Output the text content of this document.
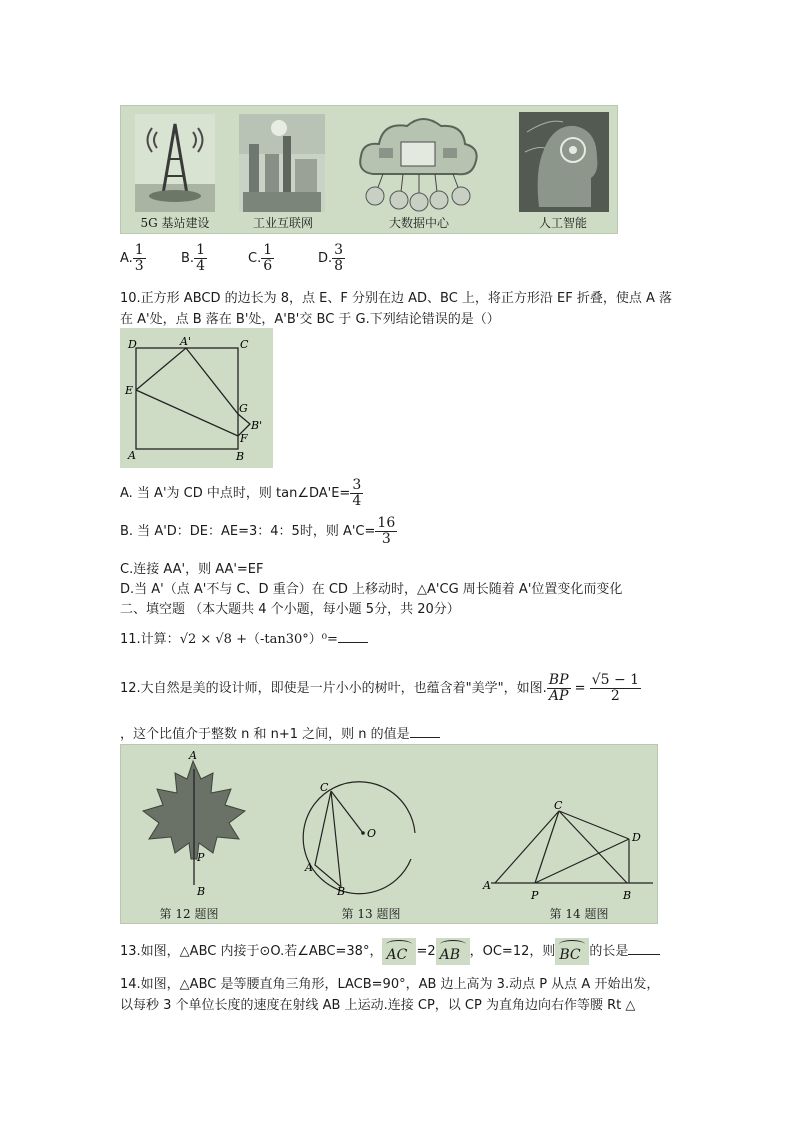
5G 基站建设	工业互联网	大数据中心	人工智能
A. $\frac{1}{3}$	B. $\frac{1}{4}$	C. $\frac{1}{6}$	D. $\frac{3}{8}$
10.正方形 ABCD 的边长为 8，点 E、F 分别在边 AD、BC 上，将正方形沿 EF 折叠，使点 A 落
在 A'处，点 B 落在 B'处，A'B'交 BC 于 G.下列结论错误的是（）
D	A'	C
E
G
B'
F
A	B
A. 当 A'为 CD 中点时，则 tan∠DA'E= $\frac{3}{4}$
B. 当 A'D：DE：AE=3：4：5时，则 $A'C= \frac{16}{3}$
C.连接 AA'，则 AA'=EF
D.当 A'（点 A'不与 C、D 重合）在 CD 上移动时，△A'CG 周长随着 A'位置变化而变化
二、填空题 （本大题共 4 个小题，每小题 5分，共 20分）
11.计算：√2 × √8 +（-tan30°）⁰=
12.大自然是美的设计师，即使是一片小小的树叶，也蕴含着"美学"，如图. $\frac{BP}{AP} = \frac{√5 - 1}{2}$
，这个比值介于整数 n 和 n+1 之间，则 n 的值是
A
P
B
第 12 题图
C
O
A
B
第 13 题图
C
D
A
P	B
第 14 题图
13.如图，△ABC 内接于⊙O.若∠ABC=38°， AC =2 AB ，OC=12，则 BC 的长是
14.如图，△ABC 是等腰直角三角形，LACB=90°，AB 边上高为 3.动点 P 从点 A 开始出发，
以每秒 3 个单位长度的速度在射线 AB 上运动.连接 CP，以 CP 为直角边向右作等腰 Rt △
